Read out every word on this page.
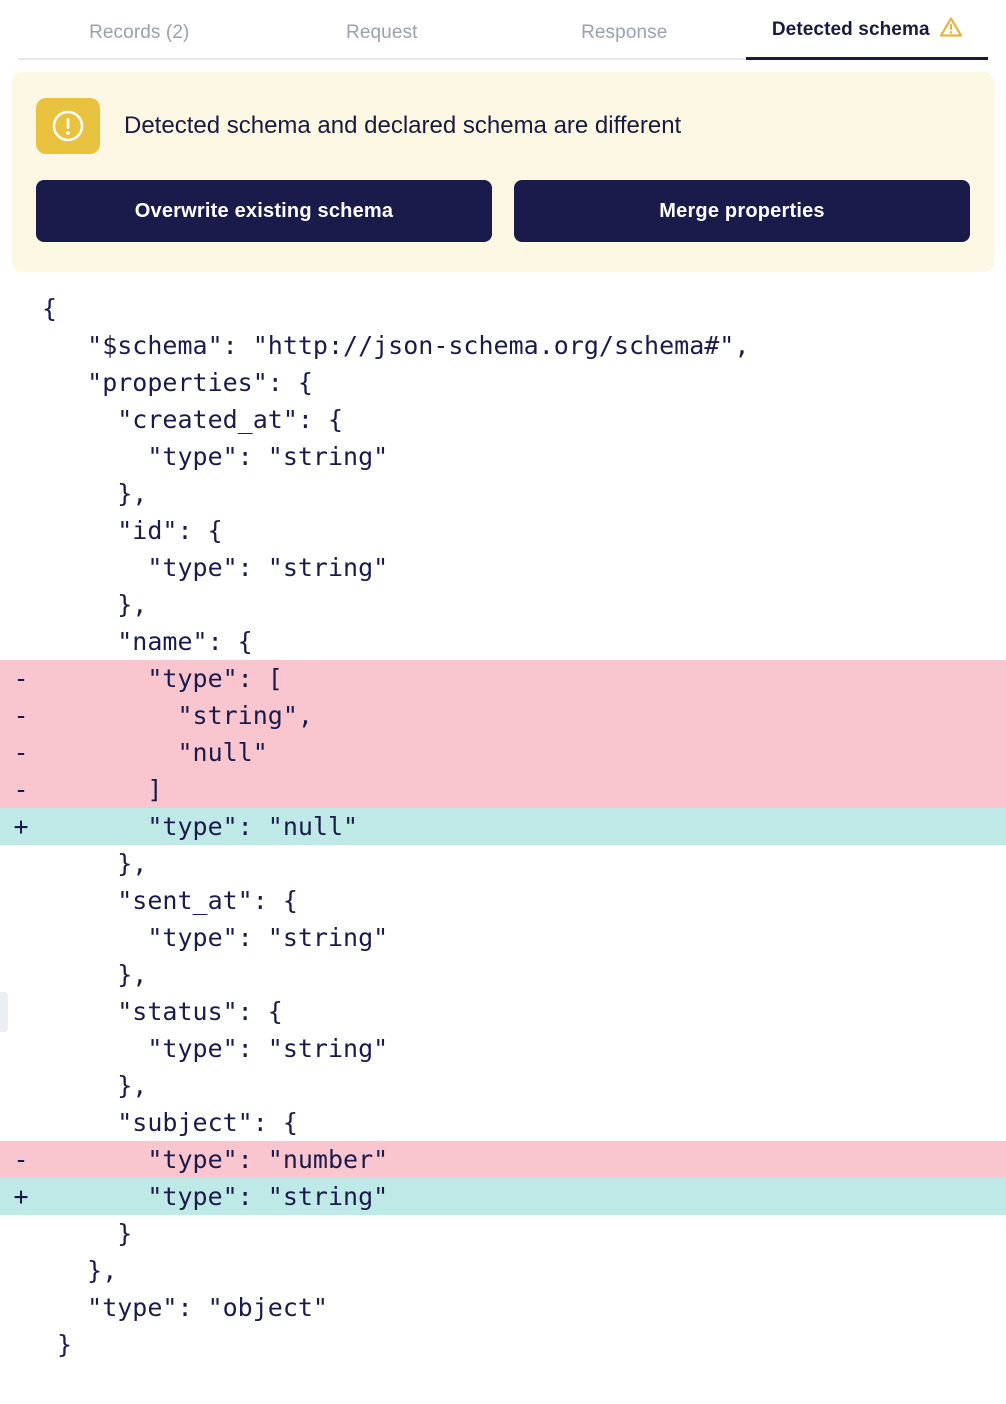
Records (2)	Request	Response	Detected schema
Detected schema and declared schema are different
Overwrite existing schema	Merge properties
{
"$schema": "http://json-schema.org/schema#",
"properties": {
"created_at": {
"type": "string"
},
"id": {
"type": "string"
},
"name": {
- "type": [
- "string",
- "null"
- ]
+ "type": "null"
},
"sent_at": {
"type": "string"
},
"status": {
"type": "string"
},
"subject": {
- "type": "number"
+ "type": "string"
}
},
"type": "object"
}
